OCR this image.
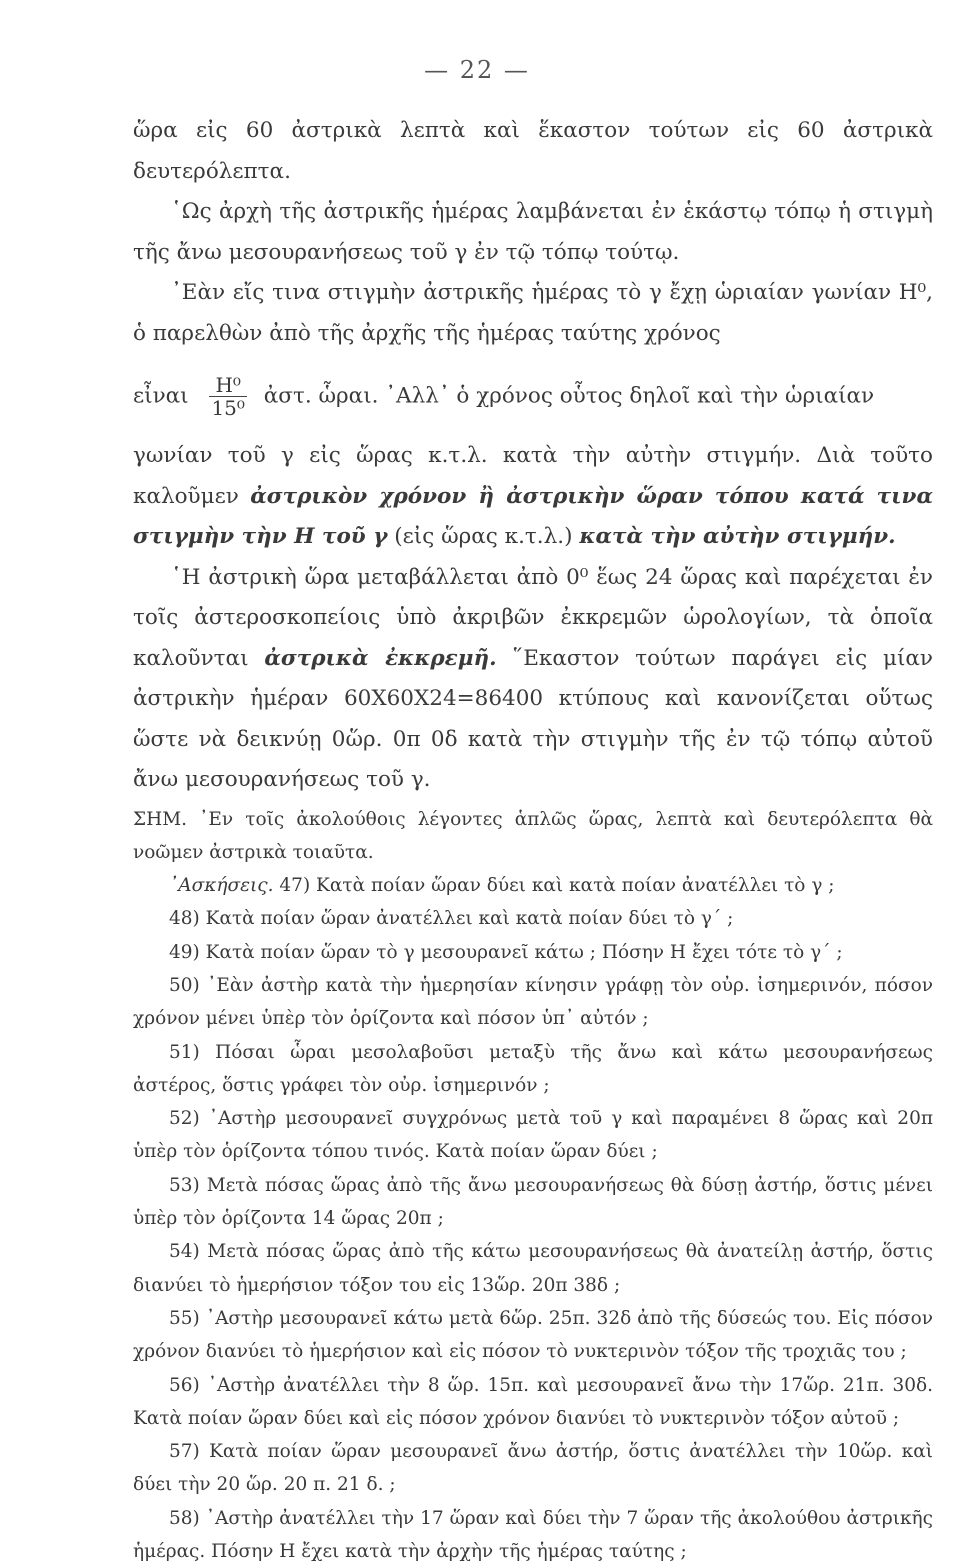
— 22 —

ὥρα εἰς 60 ἀστρικὰ λεπτὰ καὶ ἕκαστον τούτων εἰς 60 ἀστρικὰ δευτερόλεπτα.

῾Ως ἀρχὴ τῆς ἀστρικῆς ἡμέρας λαμβάνεται ἐν ἑκάστῳ τόπῳ ἡ στιγμὴ τῆς ἄνω μεσουρανήσεως τοῦ γ ἐν τῷ τόπῳ τούτῳ.

᾿Εὰν εἴς τινα στιγμὴν ἀστρικῆς ἡμέρας τὸ γ ἔχῃ ὡριαίαν γωνίαν Η⁰, ὁ παρελθὼν ἀπὸ τῆς ἀρχῆς τῆς ἡμέρας ταύτης χρόνος

εἶναι $\frac{\text{Η⁰}}{\text{15⁰}}$ ἀστ. ὧραι. ᾿Αλλ᾿ ὁ χρόνος οὗτος δηλοῖ καὶ τὴν ὡριαίαν

γωνίαν τοῦ γ εἰς ὥρας κ.τ.λ. κατὰ τὴν αὐτὴν στιγμήν. Διὰ τοῦτο καλοῦμεν ἀστρικὸν χρόνον ἢ ἀστρικὴν ὥραν τόπου κατά τινα στιγμὴν τὴν Η τοῦ γ (εἰς ὥρας κ.τ.λ.) κατὰ τὴν αὐτὴν στιγμήν.

῾Η ἀστρικὴ ὥρα μεταβάλλεται ἀπὸ 0⁰ ἕως 24 ὥρας καὶ παρέχεται ἐν τοῖς ἀστεροσκοπείοις ὑπὸ ἀκριβῶν ἐκκρεμῶν ὡρολογίων, τὰ ὁποῖα καλοῦνται ἀστρικὰ ἐκκρεμῆ. ῞Εκαστον τούτων παράγει εἰς μίαν ἀστρικὴν ἡμέραν 60Χ60Χ24=86400 κτύπους καὶ κανονίζεται οὕτως ὥστε νὰ δεικνύῃ 0ὥρ. 0π 0δ κατὰ τὴν στιγμὴν τῆς ἐν τῷ τόπῳ αὐτοῦ ἄνω μεσουρανήσεως τοῦ γ.

ΣΗΜ. ᾿Εν τοῖς ἀκολούθοις λέγοντες ἁπλῶς ὥρας, λεπτὰ καὶ δευτερόλεπτα θὰ νοῶμεν ἀστρικὰ τοιαῦτα.

᾿Ασκήσεις. 47) Κατὰ ποίαν ὥραν δύει καὶ κατὰ ποίαν ἀνατέλλει τὸ γ ;

48) Κατὰ ποίαν ὥραν ἀνατέλλει καὶ κατὰ ποίαν δύει τὸ γ΄ ;

49) Κατὰ ποίαν ὥραν τὸ γ μεσουρανεῖ κάτω ; Πόσην Η ἔχει τότε τὸ γ΄ ;

50) ᾿Εὰν ἀστὴρ κατὰ τὴν ἡμερησίαν κίνησιν γράφῃ τὸν οὐρ. ἰσημερινόν, πόσον χρόνον μένει ὑπὲρ τὸν ὁρίζοντα καὶ πόσον ὑπ᾿ αὐτόν ;

51) Πόσαι ὧραι μεσολαβοῦσι μεταξὺ τῆς ἄνω καὶ κάτω μεσουρανήσεως ἀστέρος, ὅστις γράφει τὸν οὐρ. ἰσημερινόν ;

52) ᾿Αστὴρ μεσουρανεῖ συγχρόνως μετὰ τοῦ γ καὶ παραμένει 8 ὥρας καὶ 20π ὑπὲρ τὸν ὁρίζοντα τόπου τινός. Κατὰ ποίαν ὥραν δύει ;

53) Μετὰ πόσας ὥρας ἀπὸ τῆς ἄνω μεσουρανήσεως θὰ δύσῃ ἀστήρ, ὅστις μένει ὑπὲρ τὸν ὁρίζοντα 14 ὥρας 20π ;

54) Μετὰ πόσας ὥρας ἀπὸ τῆς κάτω μεσουρανήσεως θὰ ἀνατείλῃ ἀστήρ, ὅστις διανύει τὸ ἡμερήσιον τόξον του εἰς 13ὥρ. 20π 38δ ;

55) ᾿Αστὴρ μεσουρανεῖ κάτω μετὰ 6ὥρ. 25π. 32δ ἀπὸ τῆς δύσεώς του. Εἰς πόσον χρόνον διανύει τὸ ἡμερήσιον καὶ εἰς πόσον τὸ νυκτερινὸν τόξον τῆς τροχιᾶς του ;

56) ᾿Αστὴρ ἀνατέλλει τὴν 8 ὥρ. 15π. καὶ μεσουρανεῖ ἄνω τὴν 17ὥρ. 21π. 30δ. Κατὰ ποίαν ὥραν δύει καὶ εἰς πόσον χρόνον διανύει τὸ νυκτερινὸν τόξον αὐτοῦ ;

57) Κατὰ ποίαν ὥραν μεσουρανεῖ ἄνω ἀστήρ, ὅστις ἀνατέλλει τὴν 10ὥρ. καὶ δύει τὴν 20 ὥρ. 20 π. 21 δ. ;

58) ᾿Αστὴρ ἀνατέλλει τὴν 17 ὥραν καὶ δύει τὴν 7 ὥραν τῆς ἀκολούθου ἀστρικῆς ἡμέρας. Πόσην Η ἔχει κατὰ τὴν ἀρχὴν τῆς ἡμέρας ταύτης ;
